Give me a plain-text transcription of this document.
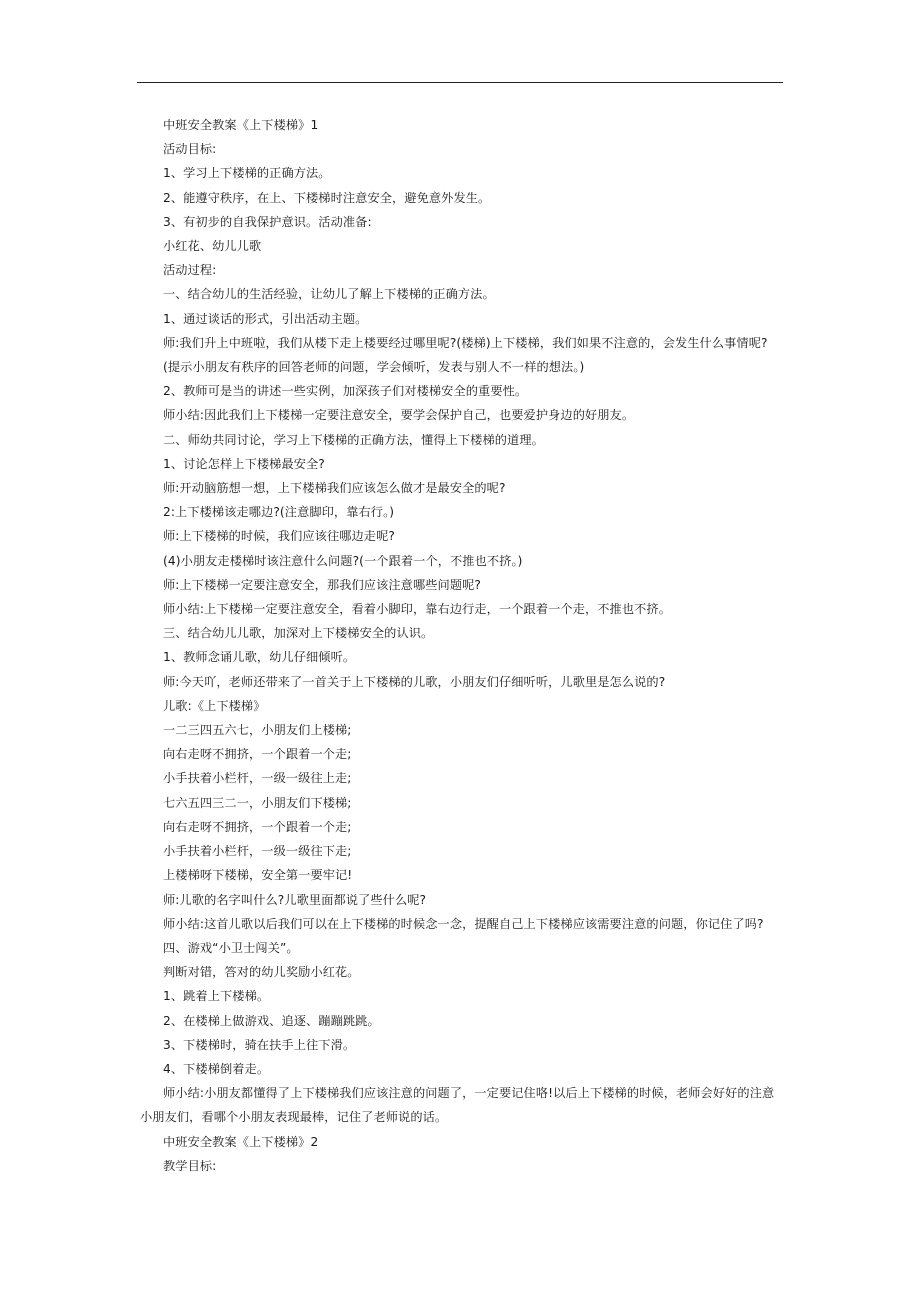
中班安全教案《上下楼梯》1

活动目标:

1、学习上下楼梯的正确方法。

2、能遵守秩序，在上、下楼梯时注意安全，避免意外发生。

3、有初步的自我保护意识。活动准备:

小红花、幼儿儿歌

活动过程:

一、结合幼儿的生活经验，让幼儿了解上下楼梯的正确方法。

1、通过谈话的形式，引出活动主题。

师:我们升上中班啦，我们从楼下走上楼要经过哪里呢?(楼梯)上下楼梯，我们如果不注意的，会发生什么事情呢?

(提示小朋友有秩序的回答老师的问题，学会倾听，发表与别人不一样的想法。)

2、教师可是当的讲述一些实例，加深孩子们对楼梯安全的重要性。

师小结:因此我们上下楼梯一定要注意安全，要学会保护自己，也要爱护身边的好朋友。

二、师幼共同讨论，学习上下楼梯的正确方法，懂得上下楼梯的道理。

1、讨论怎样上下楼梯最安全?

师:开动脑筋想一想，上下楼梯我们应该怎么做才是最安全的呢?

2:上下楼梯该走哪边?(注意脚印，靠右行。)

师:上下楼梯的时候，我们应该往哪边走呢?

(4)小朋友走楼梯时该注意什么问题?(一个跟着一个，不推也不挤。)

师:上下楼梯一定要注意安全，那我们应该注意哪些问题呢?

师小结:上下楼梯一定要注意安全，看着小脚印，靠右边行走，一个跟着一个走，不推也不挤。

三、结合幼儿儿歌，加深对上下楼梯安全的认识。

1、教师念诵儿歌，幼儿仔细倾听。

师:今天吖，老师还带来了一首关于上下楼梯的儿歌，小朋友们仔细听听，儿歌里是怎么说的?

儿歌:《上下楼梯》

一二三四五六七，小朋友们上楼梯;

向右走呀不拥挤，一个跟着一个走;

小手扶着小栏杆，一级一级往上走;

七六五四三二一，小朋友们下楼梯;

向右走呀不拥挤，一个跟着一个走;

小手扶着小栏杆，一级一级往下走;

上楼梯呀下楼梯，安全第一要牢记!

师:儿歌的名字叫什么?儿歌里面都说了些什么呢?

师小结:这首儿歌以后我们可以在上下楼梯的时候念一念，提醒自己上下楼梯应该需要注意的问题，你记住了吗?

四、游戏“小卫士闯关”。

判断对错，答对的幼儿奖励小红花。

1、跳着上下楼梯。

2、在楼梯上做游戏、追逐、蹦蹦跳跳。

3、下楼梯时，骑在扶手上往下滑。

4、下楼梯倒着走。

师小结:小朋友都懂得了上下楼梯我们应该注意的问题了，一定要记住咯!以后上下楼梯的时候，老师会好好的注意小朋友们，看哪个小朋友表现最棒，记住了老师说的话。

中班安全教案《上下楼梯》2

教学目标:
